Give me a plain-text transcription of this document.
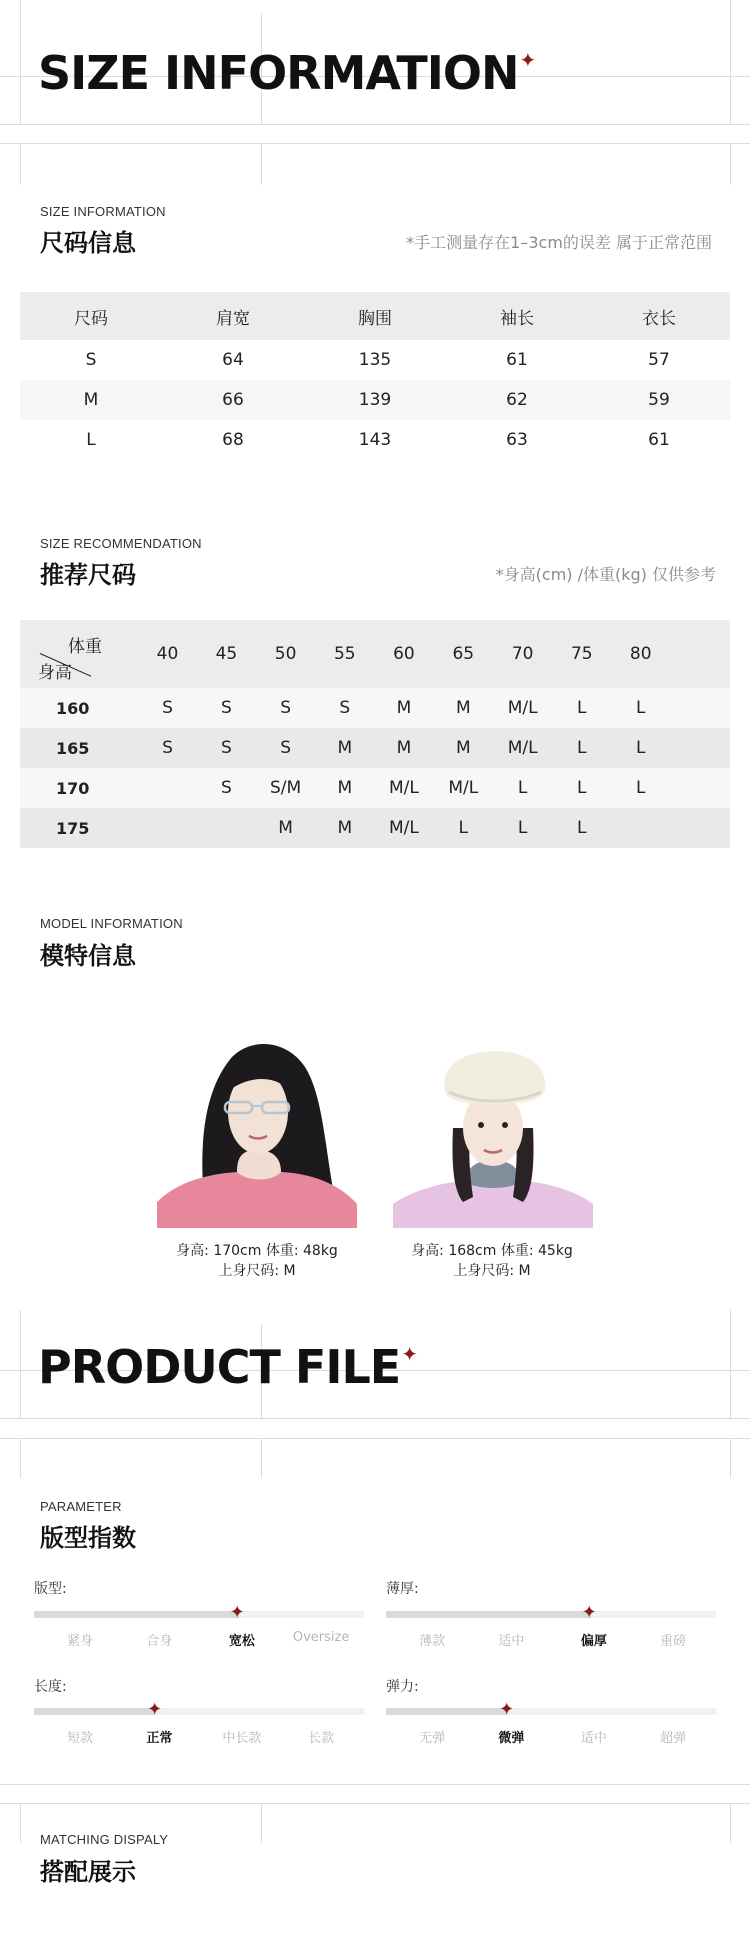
SIZE INFORMATION✦
SIZE INFORMATION
尺码信息	*手工测量存在1–3cm的误差 属于正常范围
尺码	肩宽	胸围	袖长	衣长
S	64	135	61	57
M	66	139	62	59
L	68	143	63	61
SIZE RECOMMENDATION
推荐尺码	*身高(cm) /体重(kg) 仅供参考
体重
身高	40	45	50	55	60	65	70	75	80	
160	S	S	S	S	M	M	M/L	L	L	
165	S	S	S	M	M	M	M/L	L	L	
170		S	S/M	M	M/L	M/L	L	L	L	
175			M	M	M/L	L	L	L		
MODEL INFORMATION
模特信息
身高: 170cm 体重: 48kg
上身尺码: M
身高: 168cm 体重: 45kg
上身尺码: M
PRODUCT FILE✦
PARAMETER
版型指数
版型:
✦
紧身	合身	宽松	Oversize
薄厚:
✦
薄款	适中	偏厚	重磅
长度:
✦
短款	正常	中长款	长款
弹力:
✦
无弹	微弹	适中	超弹
MATCHING DISPALY
搭配展示
